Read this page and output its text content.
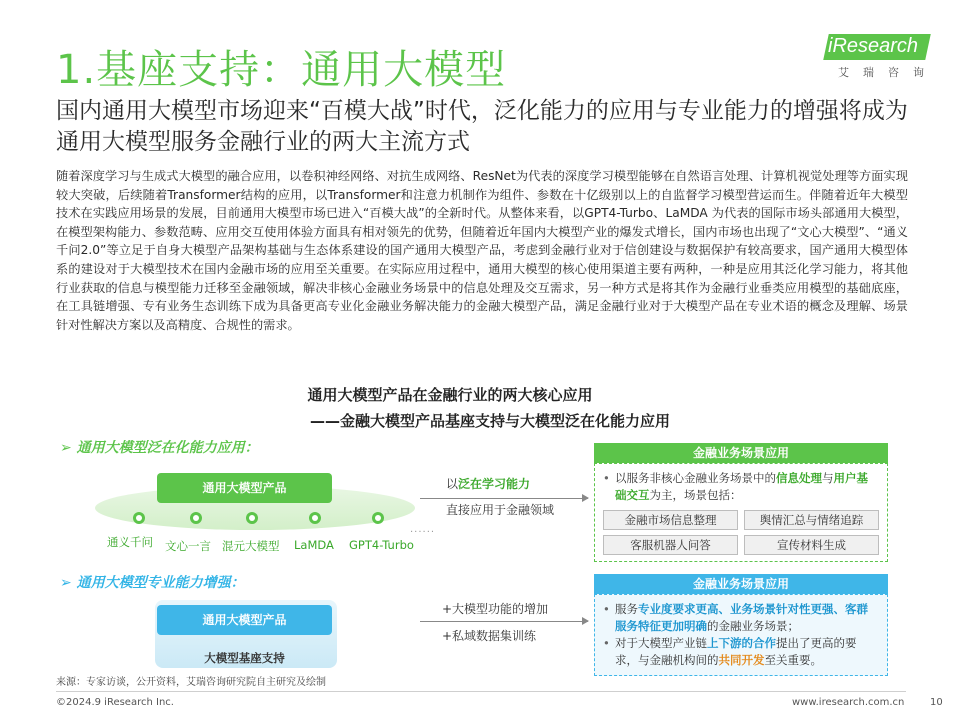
1.基座支持：通用大模型
iResearch
艾瑞咨询
国内通用大模型市场迎来“百模大战”时代，泛化能力的应用与专业能力的增强将成为通用大模型服务金融行业的两大主流方式
随着深度学习与生成式大模型的融合应用，以卷积神经网络、对抗生成网络、ResNet为代表的深度学习模型能够在自然语言处理、计算机视觉处理等方面实现较大突破，后续随着Transformer结构的应用，以Transformer和注意力机制作为组件、参数在十亿级别以上的自监督学习模型营运而生。伴随着近年大模型技术在实践应用场景的发展，目前通用大模型市场已进入“百模大战”的全新时代。从整体来看，以GPT4-Turbo、LaMDA 为代表的国际市场头部通用大模型，在模型架构能力、参数范畴、应用交互使用体验方面具有相对领先的优势，但随着近年国内大模型产业的爆发式增长，国内市场也出现了“文心大模型”、“通义千问2.0”等立足于自身大模型产品架构基础与生态体系建设的国产通用大模型产品，考虑到金融行业对于信创建设与数据保护有较高要求，国产通用大模型体系的建设对于大模型技术在国内金融市场的应用至关重要。在实际应用过程中，通用大模型的核心使用渠道主要有两种，一种是应用其泛化学习能力，将其他行业获取的信息与模型能力迁移至金融领域，解决非核心金融业务场景中的信息处理及交互需求，另一种方式是将其作为金融行业垂类应用模型的基础底座，在工具链增强、专有业务生态训练下成为具备更高专业化金融业务解决能力的金融大模型产品，满足金融行业对于大模型产品在专业术语的概念及理解、场景针对性解决方案以及高精度、合规性的需求。
通用大模型产品在金融行业的两大核心应用
——金融大模型产品基座支持与大模型泛在化能力应用
➢ 通用大模型泛在化能力应用：
通用大模型产品
通义千问 文心一言 混元大模型 LaMDA GPT4-Turbo
......
以泛在学习能力
直接应用于金融领域
金融业务场景应用
• 以服务非核心金融业务场景中的信息处理与用户基础交互为主，场景包括：
金融市场信息整理	舆情汇总与情绪追踪
客服机器人问答	宣传材料生成
➢ 通用大模型专业能力增强：
通用大模型产品
大模型基座支持
+大模型功能的增加
+私域数据集训练
金融业务场景应用
• 服务专业度要求更高、业务场景针对性更强、客群服务特征更加明确的金融业务场景；
• 对于大模型产业链上下游的合作提出了更高的要求，与金融机构间的共同开发至关重要。
来源：专家访谈，公开资料，艾瑞咨询研究院自主研究及绘制
©2024.9 iResearch Inc.	www.iresearch.com.cn	10
